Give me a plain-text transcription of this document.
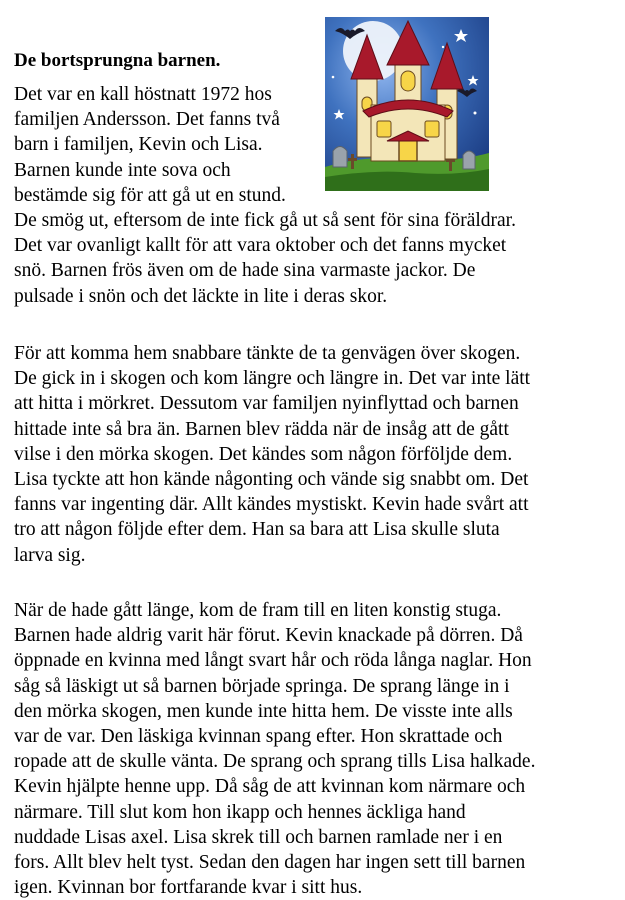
De bortsprungna barnen.

Det var en kall höstnatt 1972 hos
familjen Andersson. Det fanns två
barn i familjen, Kevin och Lisa.
Barnen kunde inte sova och
bestämde sig för att gå ut en stund.
De smög ut, eftersom de inte fick gå ut så sent för sina föräldrar.
Det var ovanligt kallt för att vara oktober och det fanns mycket
snö. Barnen frös även om de hade sina varmaste jackor. De
pulsade i snön och det läckte in lite i deras skor.

För att komma hem snabbare tänkte de ta genvägen över skogen.
De gick in i skogen och kom längre och längre in. Det var inte lätt
att hitta i mörkret. Dessutom var familjen nyinflyttad och barnen
hittade inte så bra än. Barnen blev rädda när de insåg att de gått
vilse i den mörka skogen. Det kändes som någon förföljde dem.
Lisa tyckte att hon kände någonting och vände sig snabbt om. Det
fanns var ingenting där. Allt kändes mystiskt. Kevin hade svårt att
tro att någon följde efter dem. Han sa bara att Lisa skulle sluta
larva sig.

När de hade gått länge, kom de fram till en liten konstig stuga.
Barnen hade aldrig varit här förut. Kevin knackade på dörren. Då
öppnade en kvinna med långt svart hår och röda långa naglar. Hon
såg så läskigt ut så barnen började springa. De sprang länge in i
den mörka skogen, men kunde inte hitta hem. De visste inte alls
var de var. Den läskiga kvinnan spang efter. Hon skrattade och
ropade att de skulle vänta. De sprang och sprang tills Lisa halkade.
Kevin hjälpte henne upp. Då såg de att kvinnan kom närmare och
närmare. Till slut kom hon ikapp och hennes äckliga hand
nuddade Lisas axel. Lisa skrek till och barnen ramlade ner i en
fors. Allt blev helt tyst. Sedan den dagen har ingen sett till barnen
igen. Kvinnan bor fortfarande kvar i sitt hus.
